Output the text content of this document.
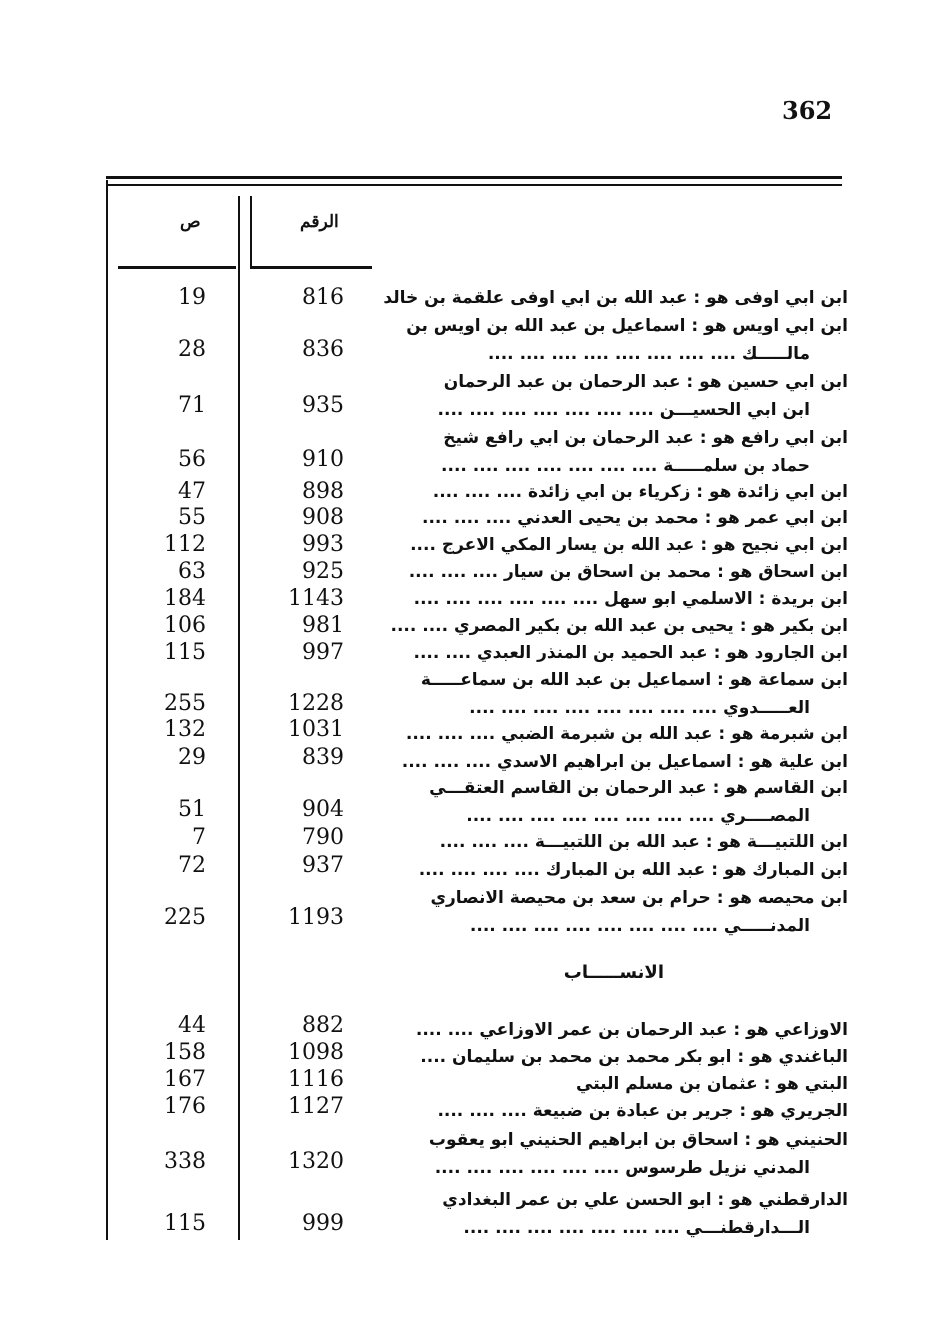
362
ص	الرقم
ابن ابي اوفى هو : عبد الله بن ابي اوفى علقمة بن خالد
816
19
ابن ابي اويس هو : اسماعيل بن عبد الله بن اويس بن
مالـــــك .... .... .... .... .... .... .... ....
836
28
ابن ابي حسين هو : عبد الرحمان بن عبد الرحمان
ابن ابي الحسيـــن .... .... .... .... .... .... ....
935
71
ابن ابي رافع هو : عبد الرحمان بن ابي رافع شيخ
حماد بن سلمـــــة .... .... .... .... .... .... ....
910
56
ابن ابي زائدة هو : زكرياء بن ابي زائدة .... .... ....
898
47
ابن ابي عمر هو : محمد بن يحيى العدني .... .... ....
908
55
ابن ابي نجيح هو : عبد الله بن يسار المكي الاعرج ....
993
112
ابن اسحاق هو : محمد بن اسحاق بن سيار .... .... ....
925
63
ابن بريدة : الاسلمي ابو سهل .... .... .... .... .... ....
1143
184
ابن بكير هو : يحيى بن عبد الله بن بكير المصري .... ....
981
106
ابن الجارود هو : عبد الحميد بن المنذر العبدي .... ....
997
115
ابن سماعة هو : اسماعيل بن عبد الله بن سماعـــــة
العـــــدوي .... .... .... .... .... .... .... ....
1228
255
ابن شبرمة هو : عبد الله بن شبرمة الضبي .... .... ....
1031
132
ابن علية هو : اسماعيل بن ابراهيم الاسدي .... .... ....
839
29
ابن القاسم هو : عبد الرحمان بن القاسم العتقـــي
المصــــري .... .... .... .... .... .... .... ....
904
51
ابن اللتبيـــة هو : عبد الله بن اللتبيـــة .... .... ....
790
7
ابن المبارك هو : عبد الله بن المبارك .... .... .... ....
937
72
ابن محيصه هو : حرام بن سعد بن محيصة الانصاري
المدنـــــي .... .... .... .... .... .... .... ....
1193
225
الانســـــاب
الاوزاعي هو : عبد الرحمان بن عمر الاوزاعي .... ....
882
44
الباغندي هو : ابو بكر محمد بن محمد بن سليمان ....
1098
158
البتي هو : عثمان بن مسلم البتي
1116
167
الجريري هو : جرير بن عبادة بن ضبيعة .... .... ....
1127
176
الحنيني هو : اسحاق بن ابراهيم الحنيني ابو يعقوب
المدني نزيل طرسوس .... .... .... .... .... ....
1320
338
الدارقطني هو : ابو الحسن علي بن عمر البغدادي
الـــدارقطنـــي .... .... .... .... .... .... ....
999
115
